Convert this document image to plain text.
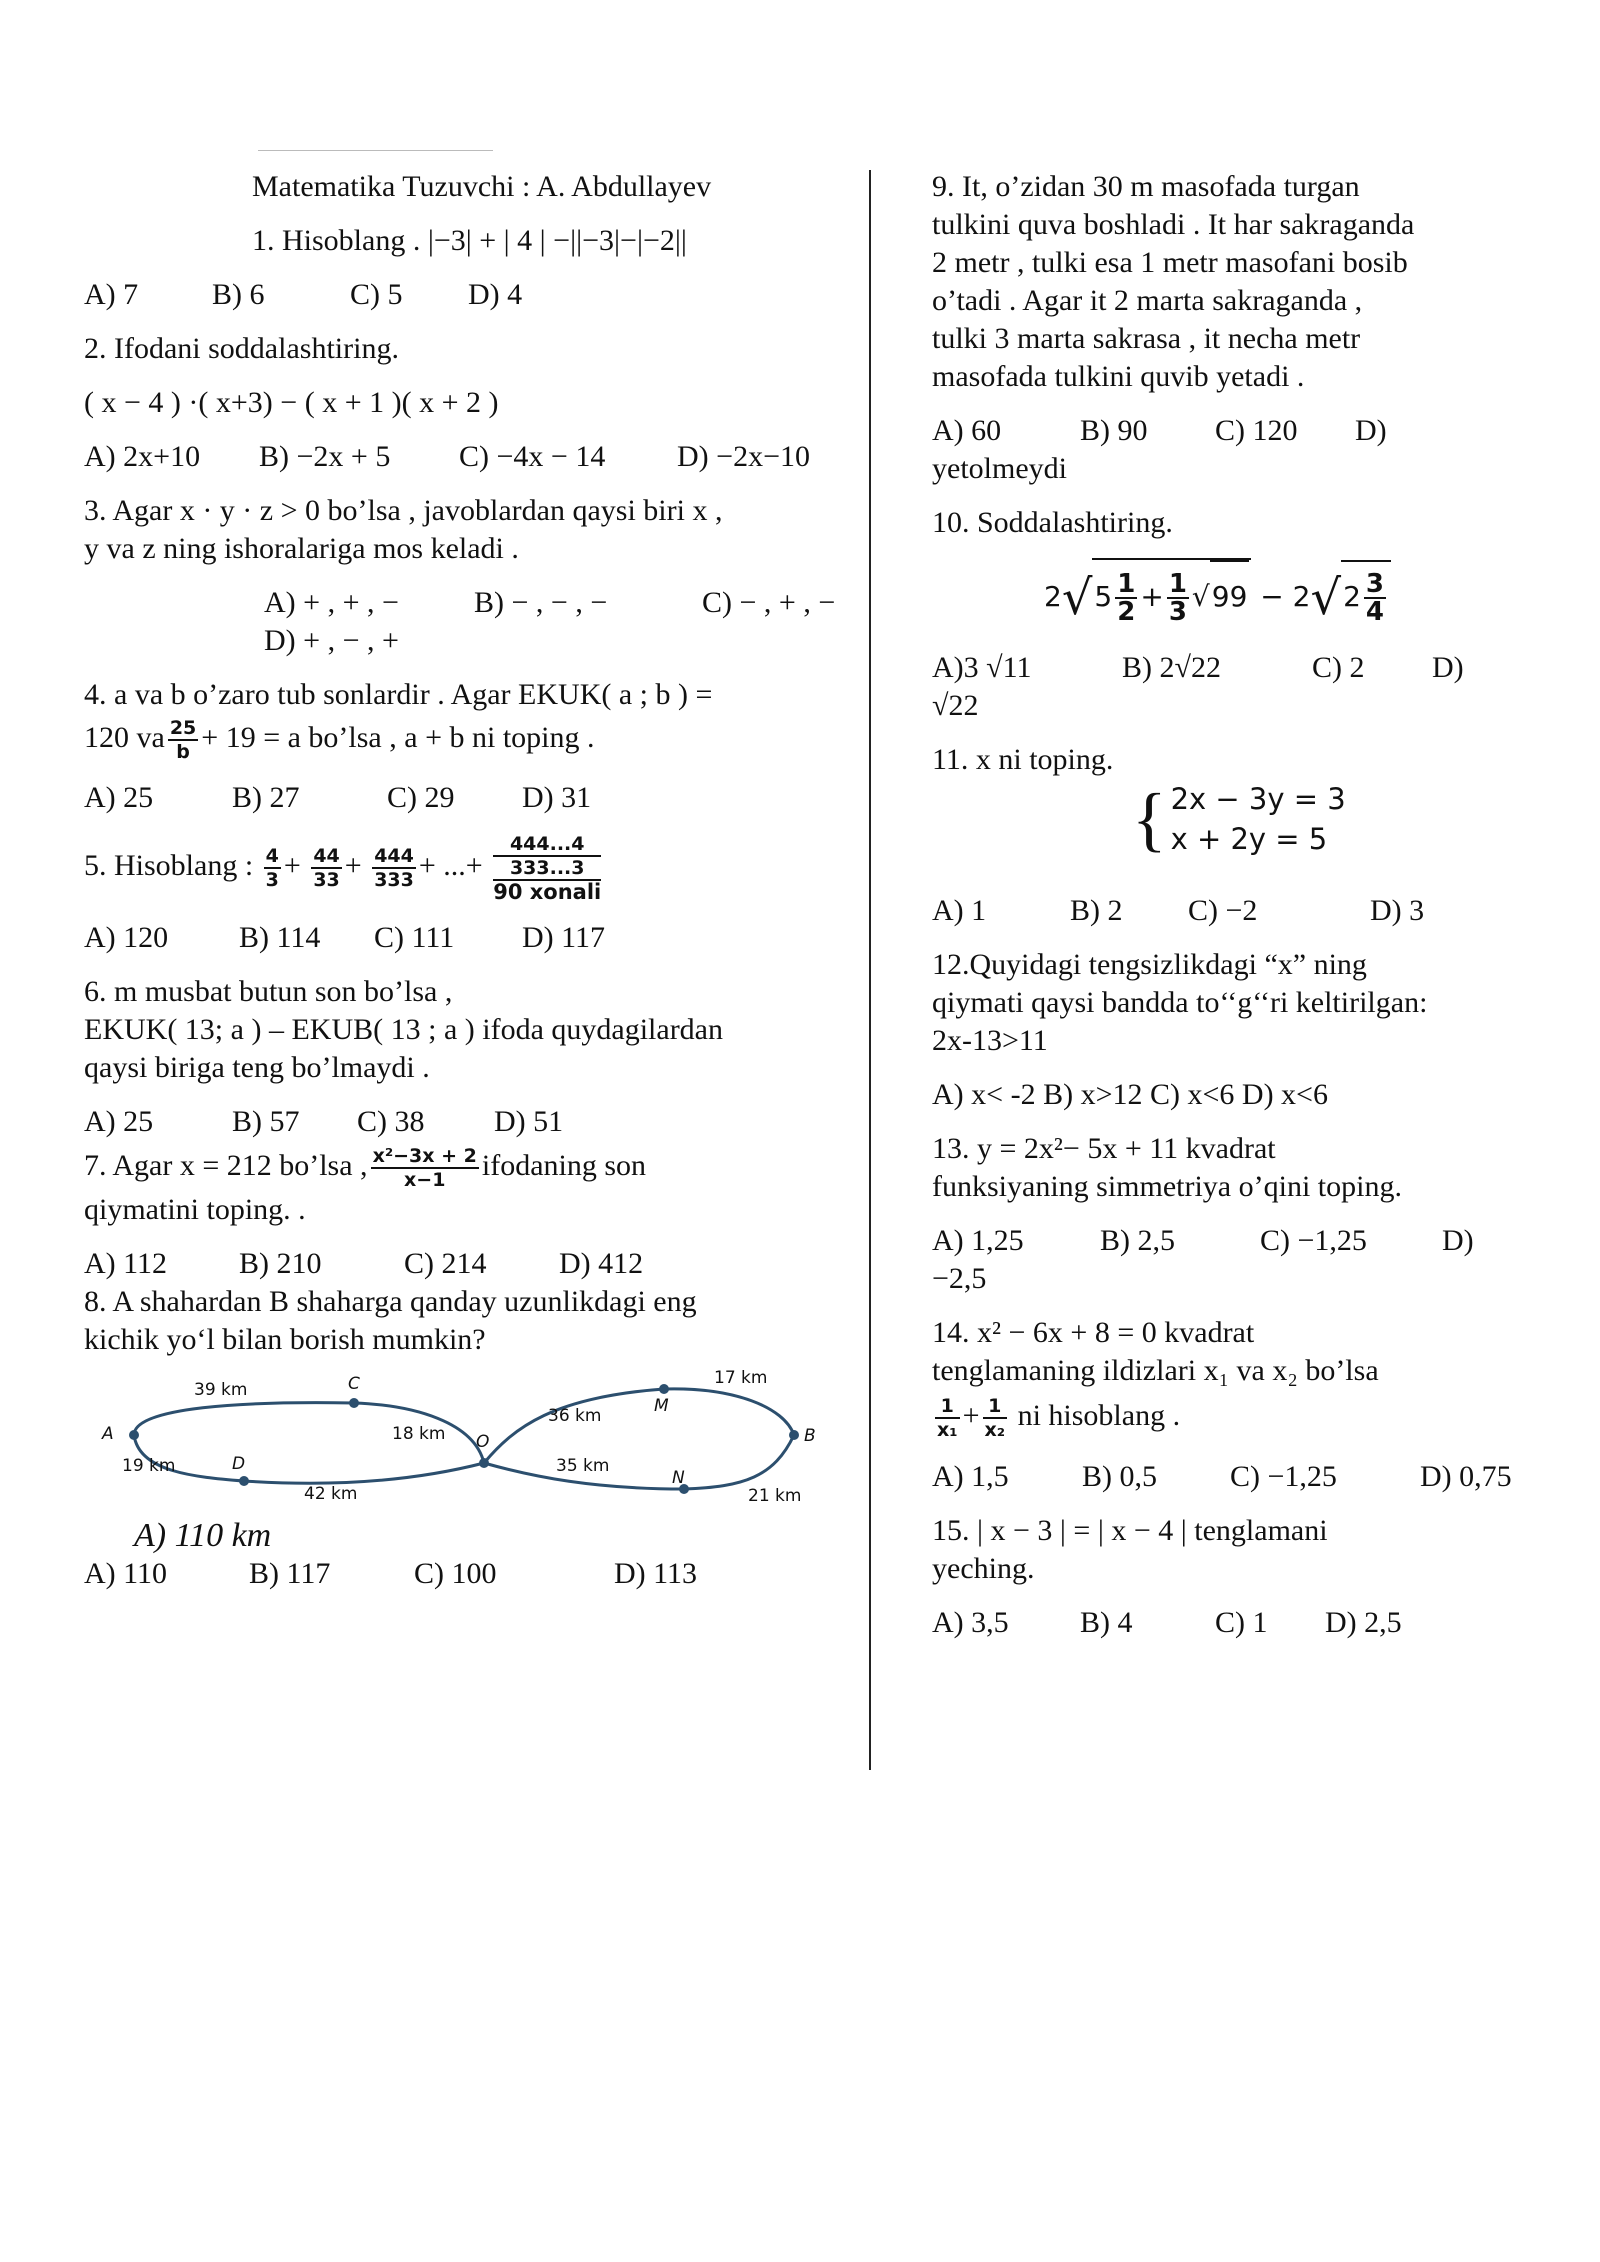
Matematika Tuzuvchi : A. Abdullayev
1. Hisoblang . |−3| + | 4 | −||−3|−|−2||
A) 7 B) 6	C) 5 D) 4
2. Ifodani soddalashtiring.
( x − 4 ) ·( x+3) − ( x + 1 )( x + 2 )
A) 2x+10 B) −2x + 5 C) −4x − 14 D) −2x−10
3. Agar x · y · z > 0 bo’lsa , javoblardan qaysi biri x ,
y va z ning ishoralariga mos keladi .
A) + , + , −	B) − , − , −	C) − , + , −
D) + , − , +
4. a va b o’zaro tub sonlardir . Agar EKUK( a ; b ) =
120 va $\frac{25}{b} + 19 = a$ bo’lsa , a + b ni toping .
A) 25	B) 27	C) 29 D) 31
5. Hisoblang : $\frac{4}{3} + \frac{44}{33} + \frac{444}{333}$ + ...+
444...4
333...3
90 xonali
A) 120 B) 114 C) 111 D) 117
6. m musbat butun son bo’lsa ,
EKUK( 13; a ) – EKUB( 13 ; a ) ifoda quydagilardan
qaysi biriga teng bo’lmaydi .
A) 25	B) 57 C) 38 D) 51
7. Agar x = 212 bo’lsa , $\frac{\text{x²−3x + 2}}{x-1}$ ifodaning son
qiymatini toping. .
A) 112 B) 210	C) 214 D) 412
8. A shahardan B shaharga qanday uzunlikdagi eng
kichik yo‘l bilan borish mumkin?
A
C
D
O
M
N
B
39 km
19 km
18 km
42 km
36 km
35 km
17 km
21 km
A) 110 km
A) 110	B) 117	C) 100	D) 113
9. It, o’zidan 30 m masofada turgan
tulkini quva boshladi . It har sakraganda
2 metr , tulki esa 1 metr masofani bosib
o’tadi . Agar it 2 marta sakraganda ,
tulki 3 marta sakrasa , it necha metr
masofada tulkini quvib yetadi .
A) 60	B) 90 C) 120 D)
yetolmeydi
10. Soddalashtiring.
$2√5 \frac{1}{2} + \frac{1}{3} √99 - 2√2 \frac{3}{4}$
A)3 √11	B) 2√22	C) 2 D)
√22
11. x ni toping.
{ 2x − 3y = 3
x + 2y = 5
A) 1	B) 2 C) −2	D) 3
12.Quyidagi tengsizlikdagi “x” ning
qiymati qaysi bandda to‘‘g‘‘ri keltirilgan:
2x-13>11
A) x< -2 B) x>12 C) x<6 D) x<6
13. y = 2x²− 5x + 11 kvadrat
funksiyaning simmetriya o’qini toping.
A) 1,25	B) 2,5	C) −1,25	D)
−2,5
14. x² − 6x + 8 = 0 kvadrat
tenglamaning ildizlari x₁ va x₂ bo’lsa
$\frac{1}{\text{x₁}} + \frac{1}{\text{x₂}}$ ni hisoblang .
A) 1,5 B) 0,5 C) −1,25	D) 0,75
15. | x − 3 | = | x − 4 | tenglamani
yeching.
A) 3,5 B) 4	C) 1 D) 2,5
